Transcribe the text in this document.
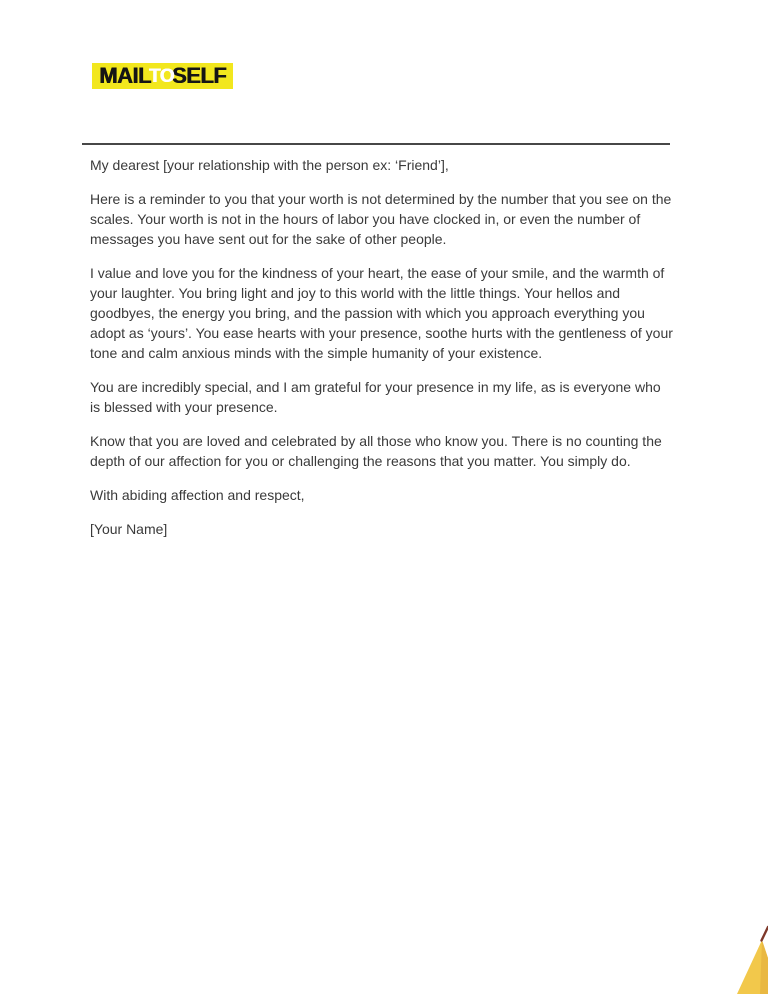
MAIL
TO
SELF

My dearest [your relationship with the person ex: ‘Friend’],

Here is a reminder to you that your worth is not determined by the number that you see on the scales. Your worth is not in the hours of labor you have clocked in, or even the number of messages you have sent out for the sake of other people.

I value and love you for the kindness of your heart, the ease of your smile, and the warmth of your laughter. You bring light and joy to this world with the little things. Your hellos and goodbyes, the energy you bring, and the passion with which you approach everything you adopt as ‘yours’. You ease hearts with your presence, soothe hurts with the gentleness of your tone and calm anxious minds with the simple humanity of your existence.

You are incredibly special, and I am grateful for your presence in my life, as is everyone who is blessed with your presence.

Know that you are loved and celebrated by all those who know you. There is no counting the depth of our affection for you or challenging the reasons that you matter. You simply do.

With abiding affection and respect,

[Your Name]
